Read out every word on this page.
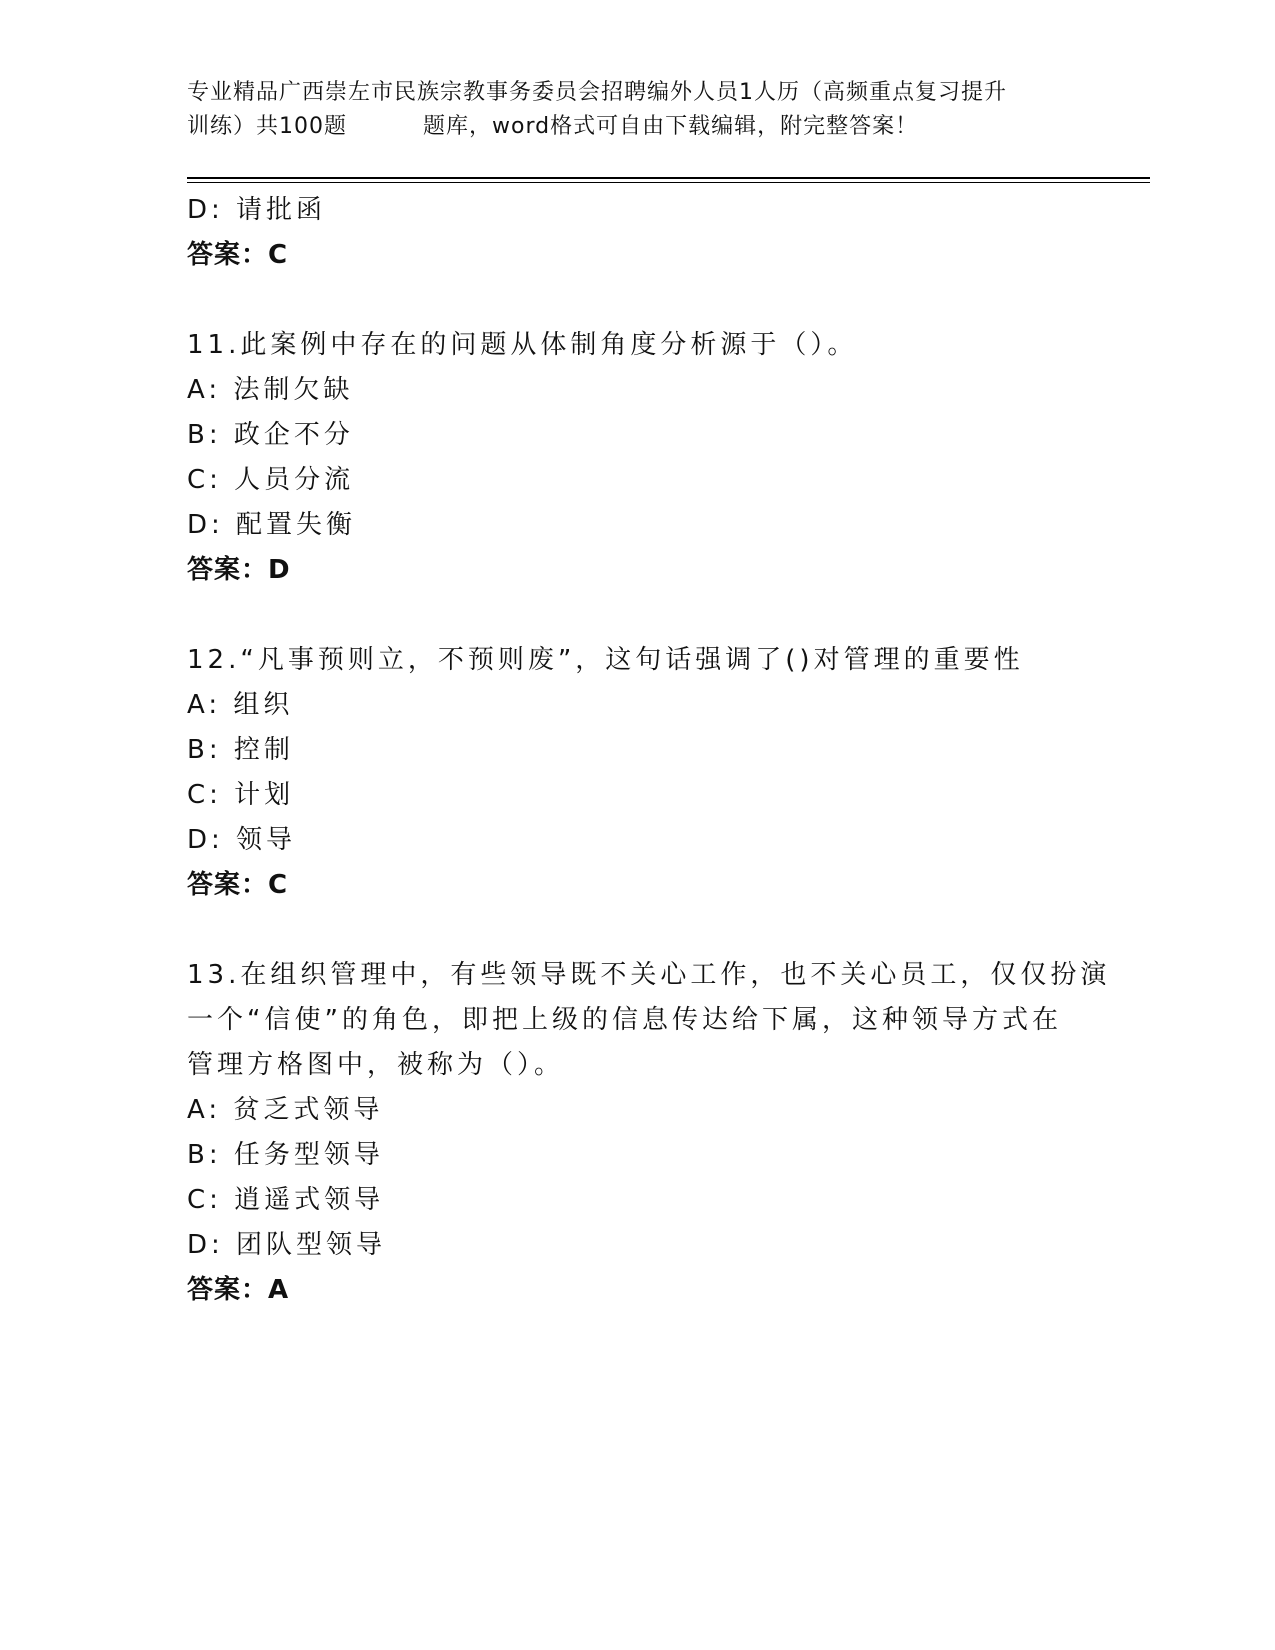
专业精品广西崇左市民族宗教事务委员会招聘编外人员1人历（高频重点复习提升
训练）共100题	题库，word格式可自由下载编辑，附完整答案！
D: 请批函
答案：C
11.此案例中存在的问题从体制角度分析源于（）。
A: 法制欠缺
B: 政企不分
C: 人员分流
D: 配置失衡
答案：D
12.“凡事预则立，不预则废”，这句话强调了()对管理的重要性
A: 组织
B: 控制
C: 计划
D: 领导
答案：C
13.在组织管理中，有些领导既不关心工作，也不关心员工，仅仅扮演
一个“信使”的角色，即把上级的信息传达给下属，这种领导方式在
管理方格图中，被称为（）。
A: 贫乏式领导
B: 任务型领导
C: 逍遥式领导
D: 团队型领导
答案：A
